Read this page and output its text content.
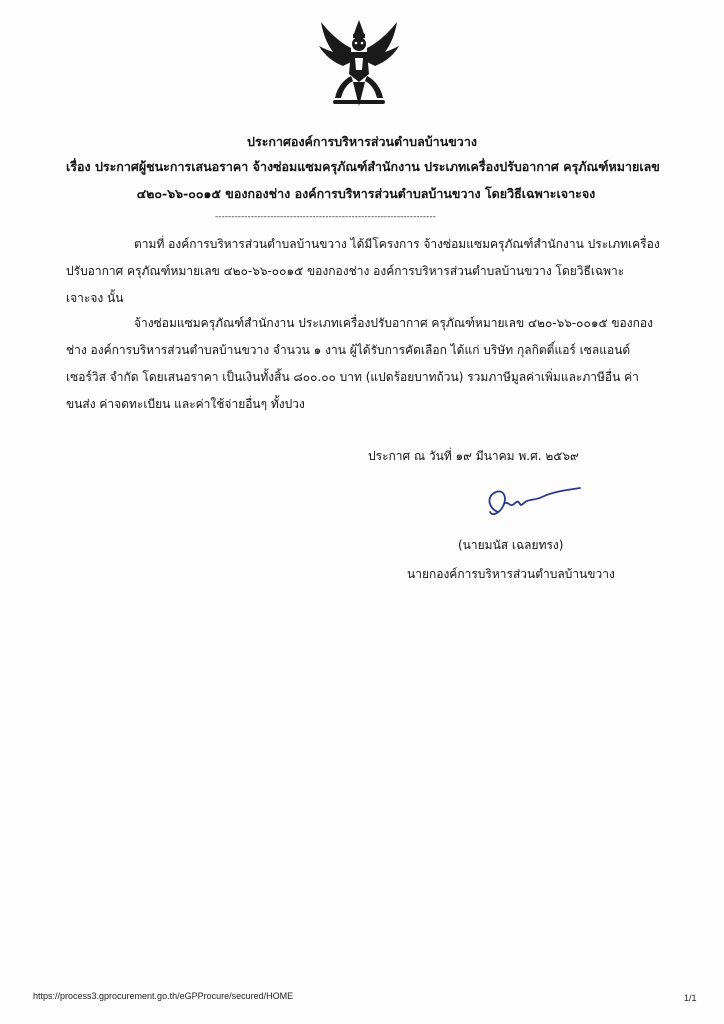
ประกาศองค์การบริหารส่วนตำบลบ้านขวาง
เรื่อง ประกาศผู้ชนะการเสนอราคา จ้างซ่อมแซมครุภัณฑ์สำนักงาน ประเภทเครื่องปรับอากาศ ครุภัณฑ์หมายเลข
๔๒๐-๖๖-๐๐๑๕ ของกองช่าง องค์การบริหารส่วนตำบลบ้านขวาง โดยวิธีเฉพาะเจาะจง
--------------------------------------------------------------------
ตามที่ องค์การบริหารส่วนตำบลบ้านขวาง ได้มีโครงการ จ้างซ่อมแซมครุภัณฑ์สำนักงาน ประเภทเครื่อง
ปรับอากาศ ครุภัณฑ์หมายเลข ๔๒๐-๖๖-๐๐๑๕ ของกองช่าง องค์การบริหารส่วนตำบลบ้านขวาง โดยวิธีเฉพาะ
เจาะจง นั้น
จ้างซ่อมแซมครุภัณฑ์สำนักงาน ประเภทเครื่องปรับอากาศ ครุภัณฑ์หมายเลข ๔๒๐-๖๖-๐๐๑๕ ของกอง
ช่าง องค์การบริหารส่วนตำบลบ้านขวาง จำนวน ๑ งาน ผู้ได้รับการคัดเลือก ได้แก่ บริษัท กุลกิตติ์แอร์ เซลแอนด์
เซอร์วิส จำกัด โดยเสนอราคา เป็นเงินทั้งสิ้น ๘๐๐.๐๐ บาท (แปดร้อยบาทถ้วน) รวมภาษีมูลค่าเพิ่มและภาษีอื่น ค่า
ขนส่ง ค่าจดทะเบียน และค่าใช้จ่ายอื่นๆ ทั้งปวง
ประกาศ ณ วันที่ ๑๙ มีนาคม พ.ศ. ๒๕๖๙
(นายมนัส เฉลยทรง)
นายกองค์การบริหารส่วนตำบลบ้านขวาง
https://process3.gprocurement.go.th/eGPProcure/secured/HOME	1/1
